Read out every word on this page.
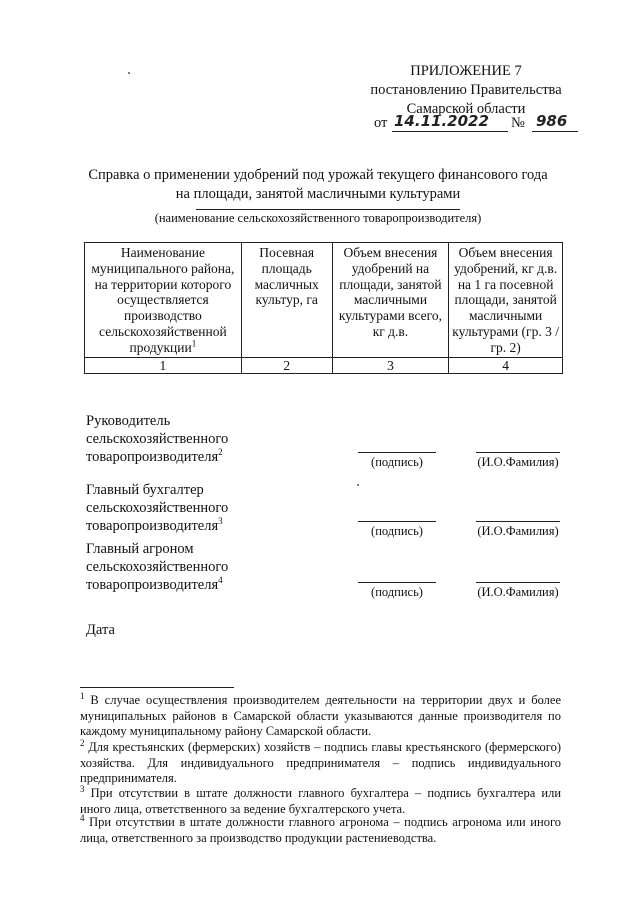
ПРИЛОЖЕНИЕ 7
постановлению Правительства
Самарской области
от 14.11.2022 № 986
Справка о применении удобрений под урожай текущего финансового года
на площади, занятой масличными культурами
(наименование сельскохозяйственного товаропроизводителя)
Наименование муниципального района, на территории которого осуществляется производство сельскохозяйственной продукции$^1$	Посевная площадь масличных культур, га	Объем внесения удобрений на площади, занятой масличными культурами всего, кг д.в.	Объем внесения удобрений, кг д.в. на 1 га посевной площади, занятой масличными культурами (гр. 3 / гр. 2)
1	2	3	4
Руководитель
сельскохозяйственного
товаропроизводителя$^2$
(подпись)	(И.О.Фамилия)
Главный бухгалтер
сельскохозяйственного
товаропроизводителя$^3$
(подпись)	(И.О.Фамилия)
Главный агроном
сельскохозяйственного
товаропроизводителя$^4$
(подпись)	(И.О.Фамилия)
Дата
$^1$ В случае осуществления производителем деятельности на территории двух и более муниципальных районов в Самарской области указываются данные производителя по каждому муниципальному району Самарской области.
$^2$ Для крестьянских (фермерских) хозяйств – подпись главы крестьянского (фермерского) хозяйства. Для индивидуального предпринимателя – подпись индивидуального предпринимателя.
$^3$ При отсутствии в штате должности главного бухгалтера – подпись бухгалтера или иного лица, ответственного за ведение бухгалтерского учета.
$^4$ При отсутствии в штате должности главного агронома – подпись агронома или иного лица, ответственного за производство продукции растениеводства.
